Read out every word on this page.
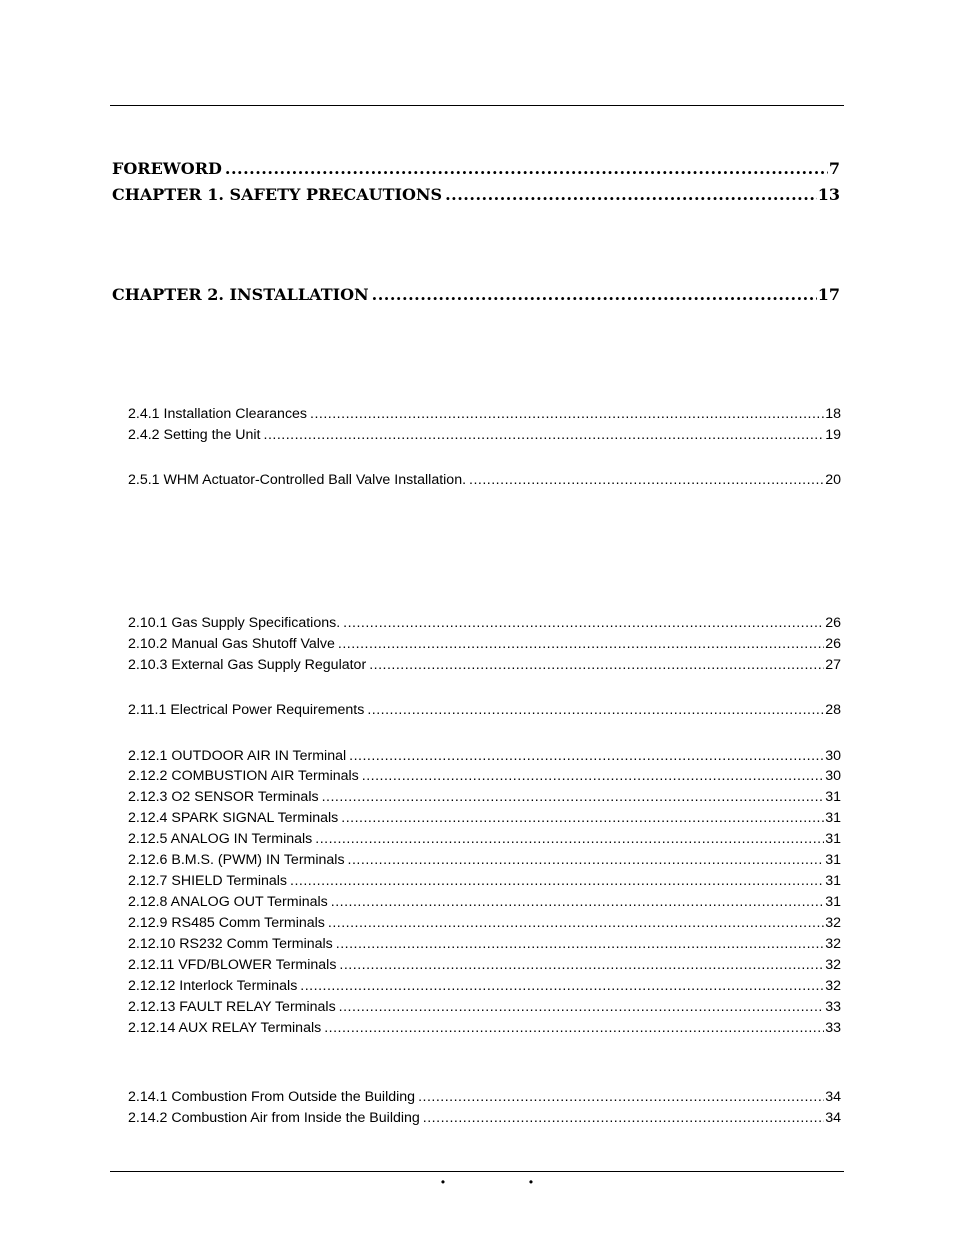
FOREWORD .....	7
CHAPTER 1. SAFETY PRECAUTIONS .....	13
CHAPTER 2. INSTALLATION .....	17
2.4.1 Installation Clearances .....	18
2.4.2 Setting the Unit .....	19
2.5.1 WHM Actuator-Controlled Ball Valve Installation. .....	20
2.10.1 Gas Supply Specifications. .....	26
2.10.2 Manual Gas Shutoff Valve .....	26
2.10.3 External Gas Supply Regulator .....	27
2.11.1 Electrical Power Requirements .....	28
2.12.1 OUTDOOR AIR IN Terminal .....	30
2.12.2 COMBUSTION AIR Terminals .....	30
2.12.3 O2 SENSOR Terminals .....	31
2.12.4 SPARK SIGNAL Terminals .....	31
2.12.5 ANALOG IN Terminals .....	31
2.12.6 B.M.S. (PWM) IN Terminals .....	31
2.12.7 SHIELD Terminals .....	31
2.12.8 ANALOG OUT Terminals .....	31
2.12.9 RS485 Comm Terminals .....	32
2.12.10 RS232 Comm Terminals .....	32
2.12.11 VFD/BLOWER Terminals .....	32
2.12.12 Interlock Terminals .....	32
2.12.13 FAULT RELAY Terminals .....	33
2.12.14 AUX RELAY Terminals .....	33
2.14.1 Combustion From Outside the Building .....	34
2.14.2 Combustion Air from Inside the Building .....	34
•	•
